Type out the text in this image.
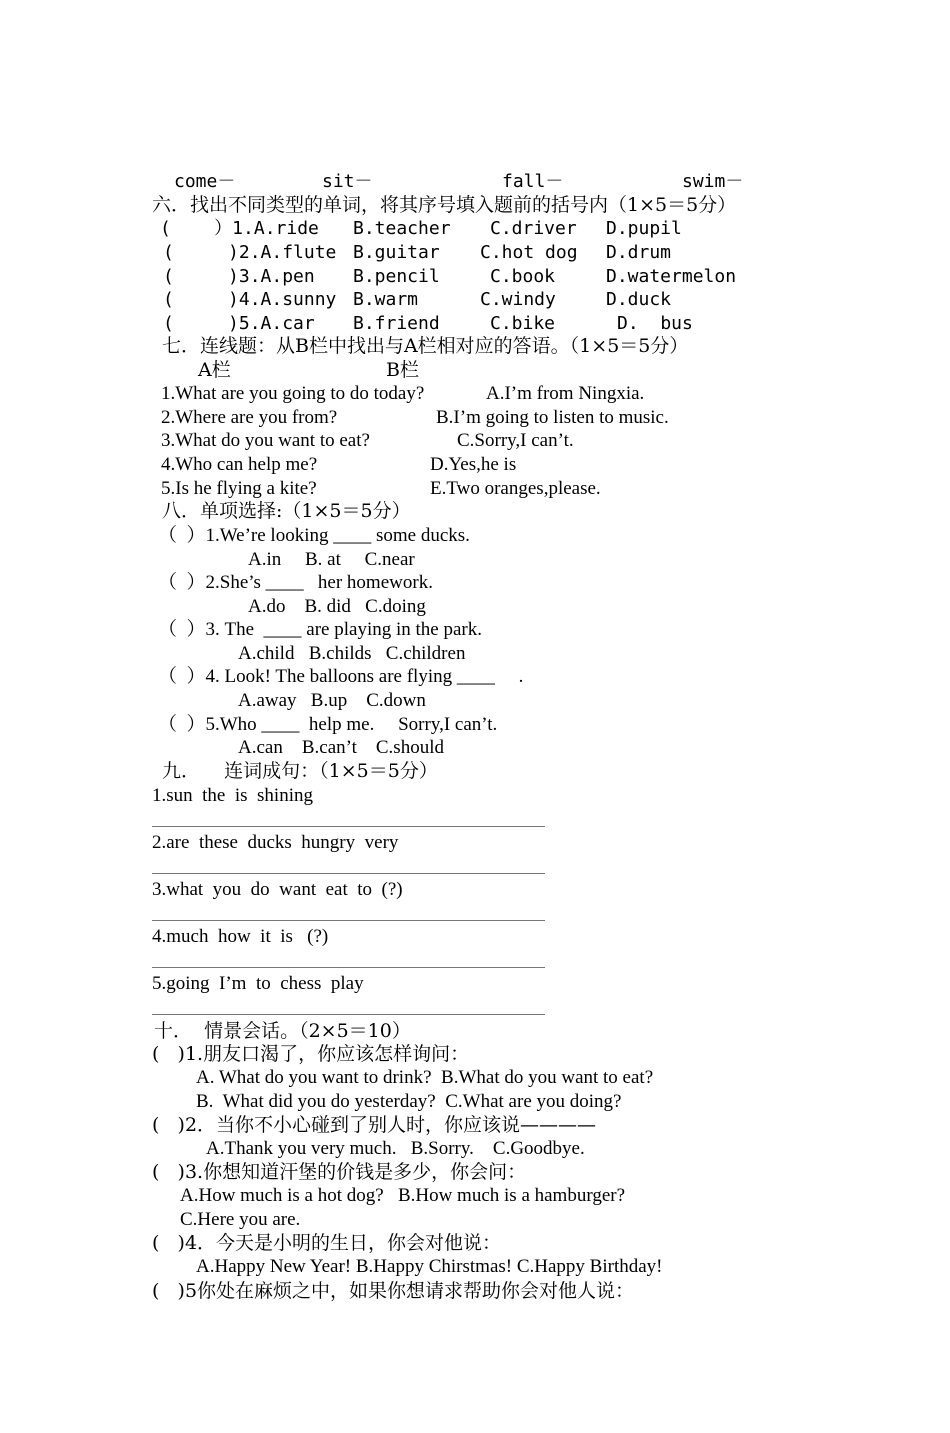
come－	sit－	fall－	swim－
六．找出不同类型的单词，将其序号填入题前的括号内（1×5＝5分）
(    ）1.A.ride B.teacher C.driver D.pupil
(     )2.A.flute B.guitar C.hot dog D.drum
(     )3.A.pen B.pencil	C.book	D.watermelon
(     )4.A.sunny B.warm	C.windy	D.duck
(     )5.A.car B.friend	C.bike	D.  bus
七．连线题：从B栏中找出与A栏相对应的答语。（1×5＝5分）
A栏	B栏
1.What are you going to do today?	A.I’m from Ningxia.
2.Where are you from?	B.I’m going to listen to music.
3.What do you want to eat?	C.Sorry,I can’t.
4.Who can help me?	D.Yes,he is
5.Is he flying a kite?	E.Two oranges,please.
八．单项选择:（1×5＝5分）
（  ）1.We’re looking ____ some ducks.
A.in     B. at     C.near
（  ）2.She’s ____   her homework.
A.do    B. did   C.doing
（  ）3. The  ____ are playing in the park.
A.child   B.childs   C.children
（  ）4. Look! The balloons are flying ____     .
A.away   B.up    C.down
（  ）5.Who ____  help me.     Sorry,I can’t.
A.can    B.can’t    C.should
九．    连词成句：（1×5＝5分）
1.sun  the  is  shining
2.are  these  ducks  hungry  very
3.what  you  do  want  eat  to  (?)
4.much  how  it  is   (?)
5.going  I’m  to  chess  play
十．  情景会话。（2×5＝10）
(   )1.朋友口渴了，你应该怎样询问：
A. What do you want to drink?  B.What do you want to eat?
B.  What did you do yesterday?  C.What are you doing?
(   )2．当你不小心碰到了别人时，你应该说————
A.Thank you very much.   B.Sorry.    C.Goodbye.
(   )3.你想知道汗堡的价钱是多少，你会问：
A.How much is a hot dog?   B.How much is a hamburger?
C.Here you are.
(   )4．今天是小明的生日，你会对他说：
A.Happy New Year! B.Happy Chirstmas! C.Happy Birthday!
(   )5你处在麻烦之中，如果你想请求帮助你会对他人说：
